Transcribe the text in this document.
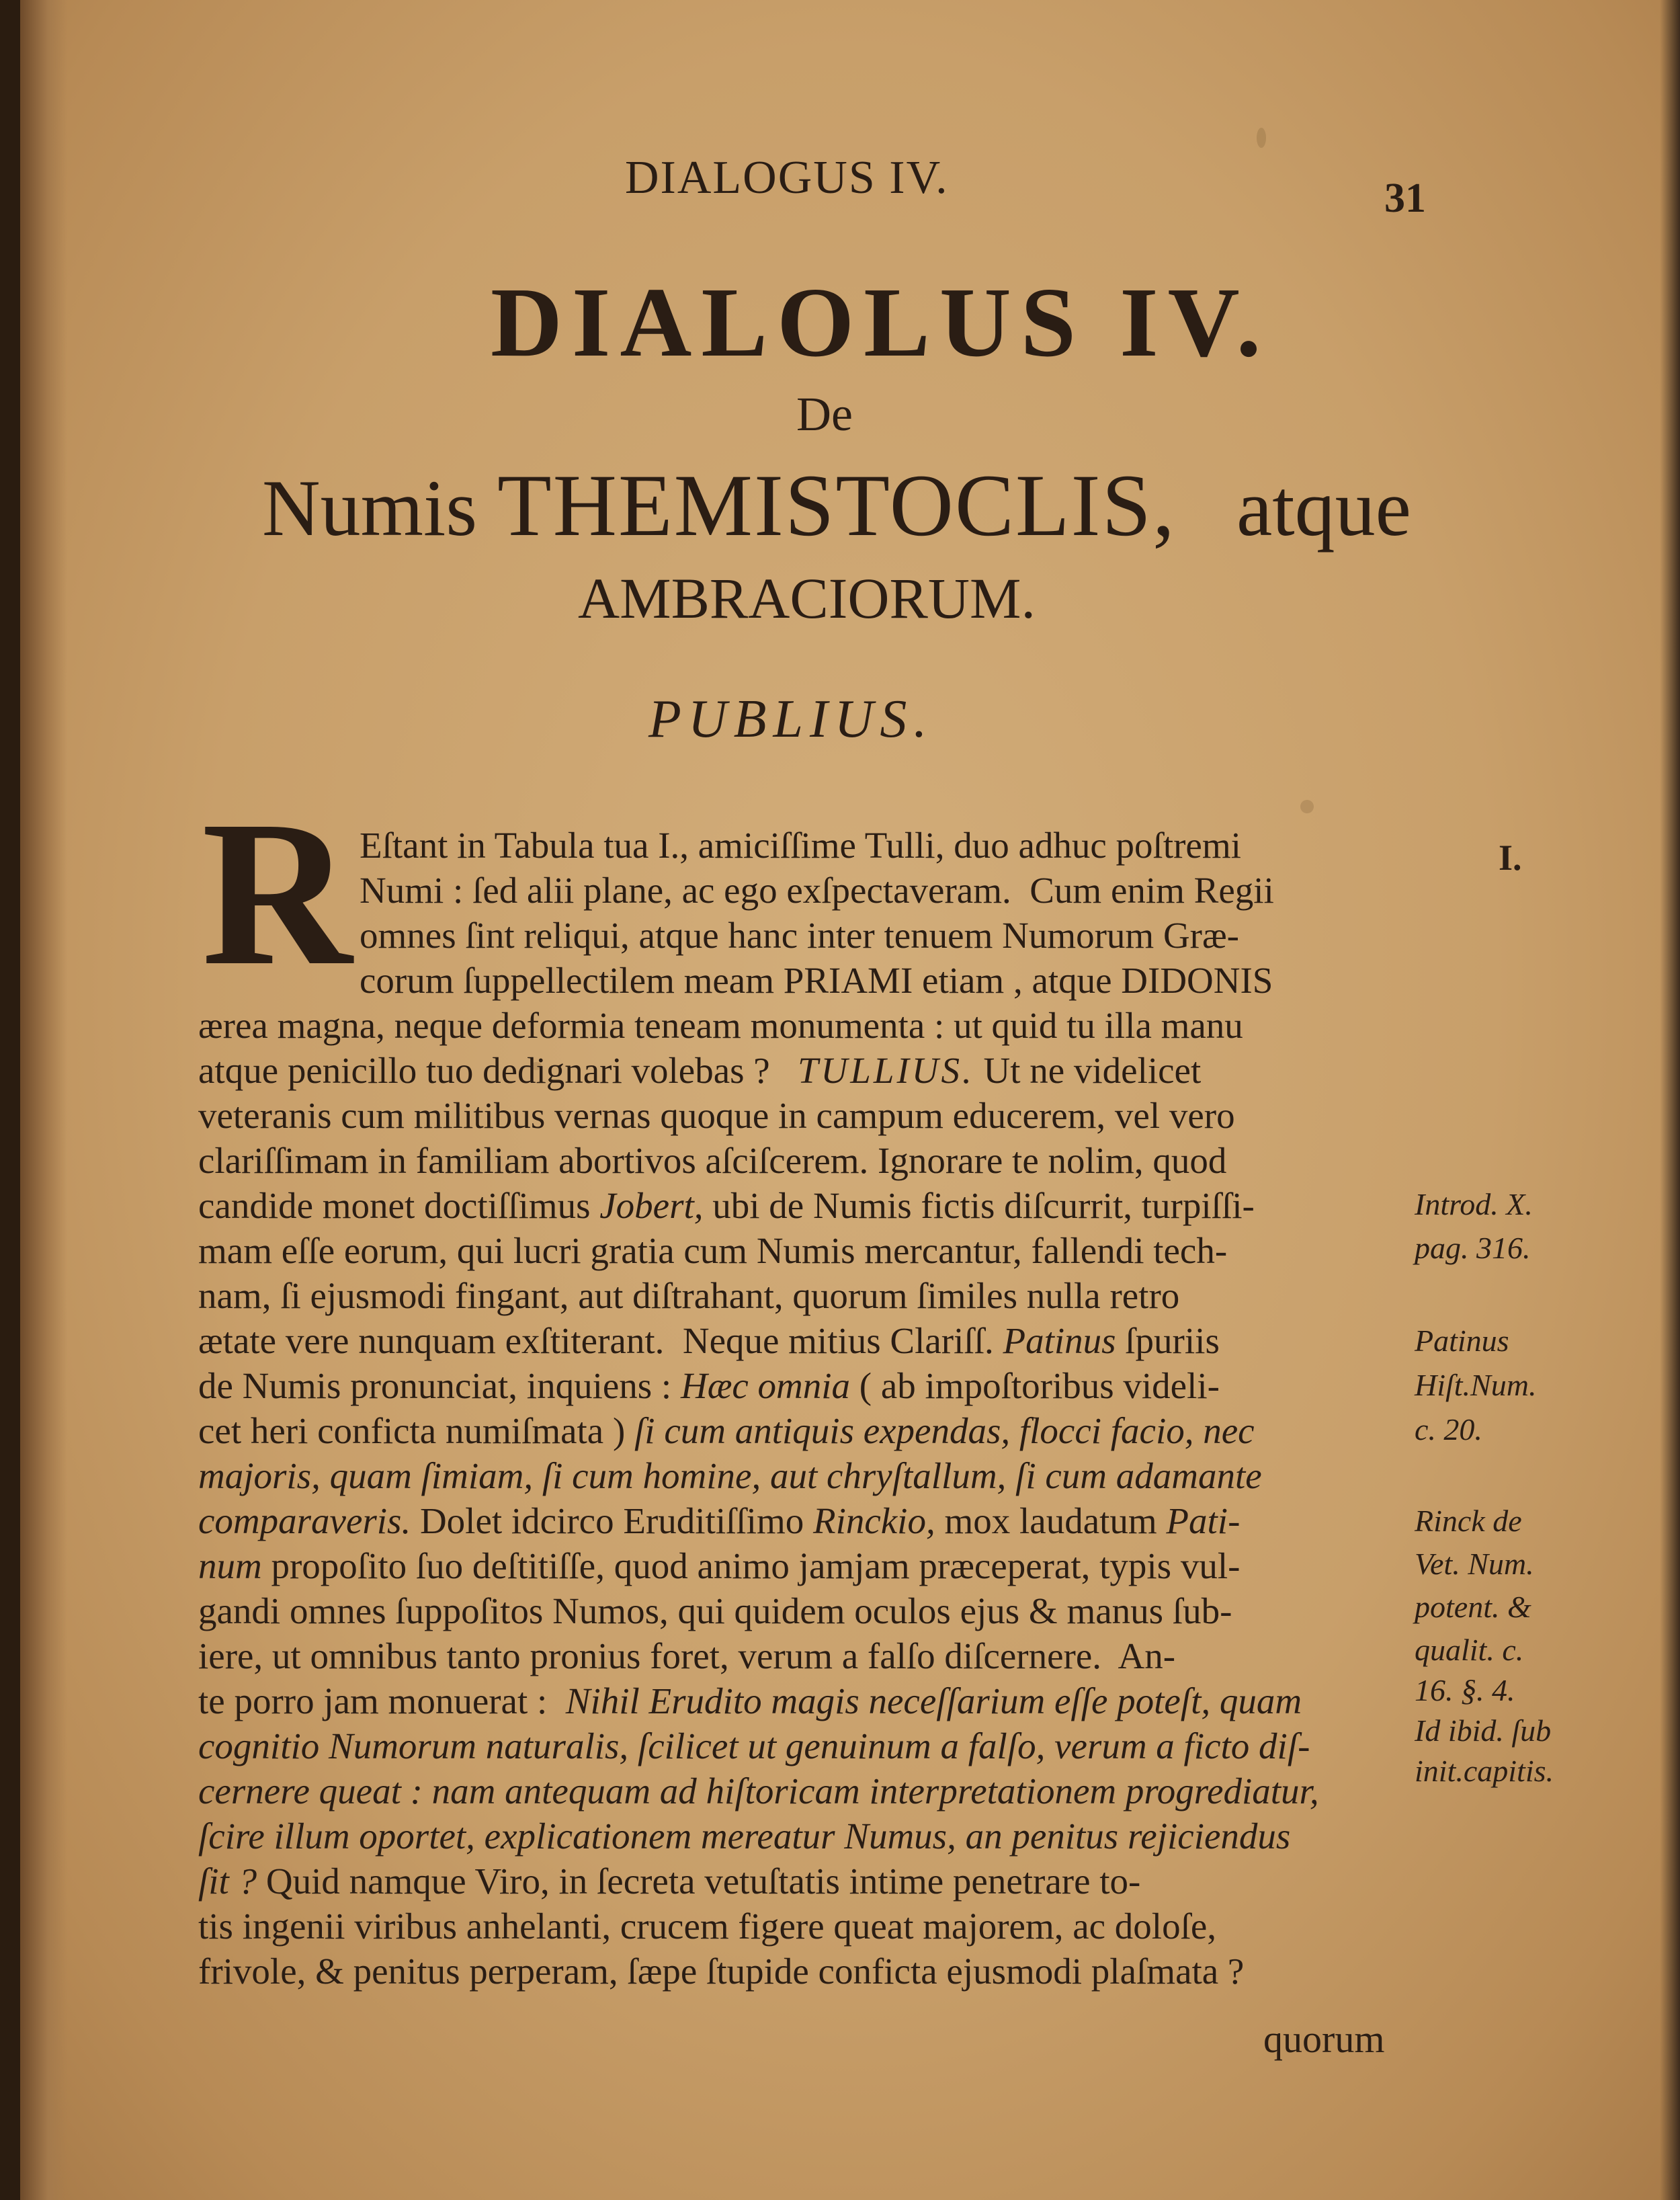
DIALOGUS IV.	31
DIALOLUS IV.
De
Numis THEMISTOCLIS, atque
AMBRACIORUM.
PUBLIUS.
R Eſtant in Tabula tua I., amiciſſime Tulli, duo adhuc poſtremi
Numi : ſed alii plane, ac ego exſpectaveram.  Cum enim Regii
omnes ſint reliqui, atque hanc inter tenuem Numorum Græ-
corum ſuppellectilem meam PRIAMI etiam , atque DIDONIS
ærea magna, neque deformia teneam monumenta : ut quid tu illa manu
atque penicillo tuo dedignari volebas ? TULLIUS. Ut ne videlicet
veteranis cum militibus vernas quoque in campum educerem, vel vero
clariſſimam in familiam abortivos aſciſcerem. Ignorare te nolim, quod
candide monet doctiſſimus Jobert, ubi de Numis fictis diſcurrit, turpiſſi-
mam eſſe eorum, qui lucri gratia cum Numis mercantur, fallendi tech-
nam, ſi ejusmodi fingant, aut diſtrahant, quorum ſimiles nulla retro
ætate vere nunquam exſtiterant.  Neque mitius Clariſſ. Patinus ſpuriis
de Numis pronunciat, inquiens : Hæc omnia ( ab impoſtoribus videli-
cet heri conficta numiſmata ) ſi cum antiquis expendas, flocci facio, nec
majoris, quam ſimiam, ſi cum homine, aut chryſtallum, ſi cum adamante
comparaveris. Dolet idcirco Eruditiſſimo Rinckio, mox laudatum Pati-
num propoſito ſuo deſtitiſſe, quod animo jamjam præceperat, typis vul-
gandi omnes ſuppoſitos Numos, qui quidem oculos ejus & manus ſub-
iere, ut omnibus tanto pronius foret, verum a falſo diſcernere.  An-
te porro jam monuerat : Nihil Erudito magis neceſſarium eſſe poteſt, quam
cognitio Numorum naturalis, ſcilicet ut genuinum a falſo, verum a ficto diſ-
cernere queat : nam antequam ad hiſtoricam interpretationem progrediatur,
ſcire illum oportet, explicationem mereatur Numus, an penitus rejiciendus
ſit ? Quid namque Viro, in ſecreta vetuſtatis intime penetrare to-
tis ingenii viribus anhelanti, crucem figere queat majorem, ac doloſe,
frivole, & penitus perperam, ſæpe ſtupide conficta ejusmodi plaſmata ?
quorum
I.
Introd. X.
pag. 316.
Patinus
Hiſt.Num.
c. 20.
Rinck de
Vet. Num.
potent. &
qualit. c.
16. §. 4.
Id ibid. ſub
init.capitis.
